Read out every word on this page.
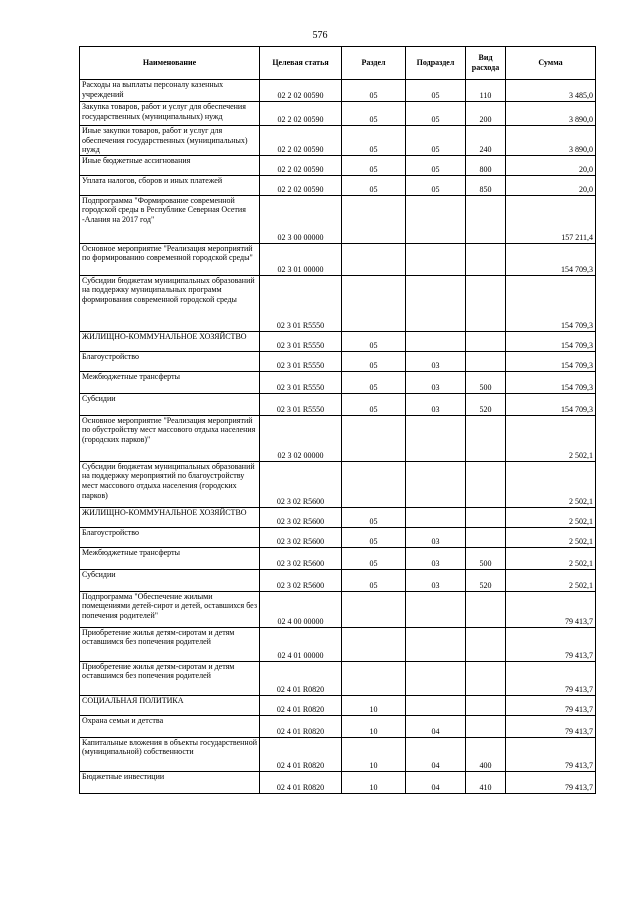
576
Наименование	Целевая статья	Раздел	Подраздел	Вид расхода	Сумма
Расходы на выплаты персоналу казенных учреждений	02 2 02 00590	05	05	110	3 485,0
Закупка товаров, работ и услуг для обеспечения государственных (муниципальных) нужд	02 2 02 00590	05	05	200	3 890,0
Иные закупки товаров, работ и услуг для обеспечения государственных (муниципальных) нужд	02 2 02 00590	05	05	240	3 890,0
Иные бюджетные ассигнования	02 2 02 00590	05	05	800	20,0
Уплата налогов, сборов и иных платежей	02 2 02 00590	05	05	850	20,0
Подпрограмма "Формирование современной городской среды в Республике Северная Осетия -Алания на 2017 год"	02 3 00 00000				157 211,4
Основное мероприятие "Реализация мероприятий по формированию современной городской среды"	02 3 01 00000				154 709,3
Субсидии бюджетам муниципальных образований на поддержку муниципальных программ формирования современной городской среды	02 3 01 R5550				154 709,3
ЖИЛИЩНО-КОММУНАЛЬНОЕ ХОЗЯЙСТВО	02 3 01 R5550	05			154 709,3
Благоустройство	02 3 01 R5550	05	03		154 709,3
Межбюджетные трансферты	02 3 01 R5550	05	03	500	154 709,3
Субсидии	02 3 01 R5550	05	03	520	154 709,3
Основное мероприятие "Реализация мероприятий по обустройству мест массового отдыха населения (городских парков)"	02 3 02 00000				2 502,1
Субсидии бюджетам муниципальных образований на поддержку мероприятий по благоустройству мест массового отдыха населения (городских парков)	02 3 02 R5600				2 502,1
ЖИЛИЩНО-КОММУНАЛЬНОЕ ХОЗЯЙСТВО	02 3 02 R5600	05			2 502,1
Благоустройство	02 3 02 R5600	05	03		2 502,1
Межбюджетные трансферты	02 3 02 R5600	05	03	500	2 502,1
Субсидии	02 3 02 R5600	05	03	520	2 502,1
Подпрограмма "Обеспечение жилыми помещениями детей-сирот и детей, оставшихся без попечения родителей"	02 4 00 00000				79 413,7
Приобретение жилья детям-сиротам и детям оставшимся без попечения родителей	02 4 01 00000				79 413,7
Приобретение жилья детям-сиротам и детям оставшимся без попечения родителей	02 4 01 R0820				79 413,7
СОЦИАЛЬНАЯ ПОЛИТИКА	02 4 01 R0820	10			79 413,7
Охрана семьи и детства	02 4 01 R0820	10	04		79 413,7
Капитальные вложения в объекты государственной (муниципальной) собственности	02 4 01 R0820	10	04	400	79 413,7
Бюджетные инвестиции	02 4 01 R0820	10	04	410	79 413,7
